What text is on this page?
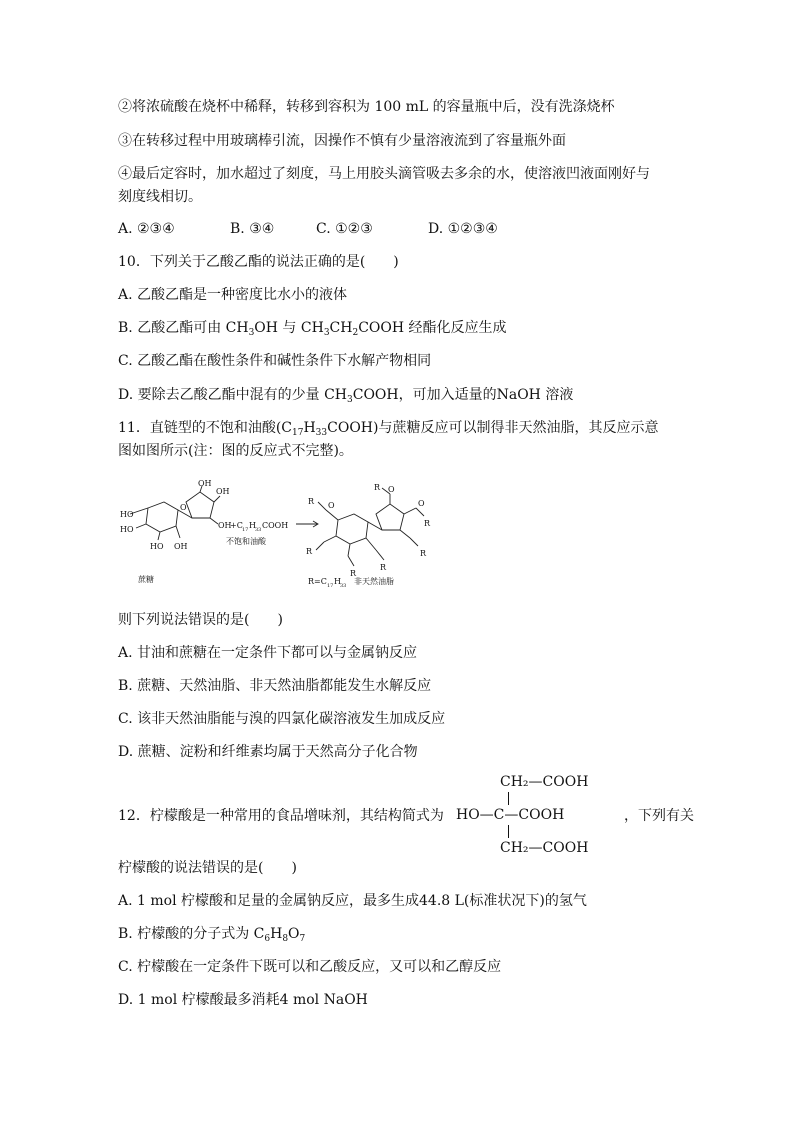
②将浓硫酸在烧杯中稀释，转移到容积为 100 mL 的容量瓶中后，没有洗涤烧杯
③在转移过程中用玻璃棒引流，因操作不慎有少量溶液流到了容量瓶外面
④最后定容时，加水超过了刻度，马上用胶头滴管吸去多余的水，使溶液凹液面刚好与
刻度线相切。
A. ②③④	B. ③④	C. ①②③	D. ①②③④
10．下列关于乙酸乙酯的说法正确的是(　　)
A. 乙酸乙酯是一种密度比水小的液体
B. 乙酸乙酯可由 $CH_3OH$ 与 $CH_3CH_2COOH$ 经酯化反应生成
C. 乙酸乙酯在酸性条件和碱性条件下水解产物相同
D. 要除去乙酸乙酯中混有的少量 $CH_3COOH$，可加入适量的NaOH 溶液
11．直链型的不饱和油酸$(C_{17}H_{33}COOH)$与蔗糖反应可以制得非天然油脂，其反应示意
图如图所示(注：图的反应式不完整)。
HO
HO
HO OH
OH
OH
O
OH
+C 17 H 33 COOH
不饱和油酸
R
R
R
R
R
R
R
O
O
O
蔗糖	R=C 17 H 33 非天然油脂
则下列说法错误的是(　　)
A. 甘油和蔗糖在一定条件下都可以与金属钠反应
B. 蔗糖、天然油脂、非天然油脂都能发生水解反应
C. 该非天然油脂能与溴的四氯化碳溶液发生加成反应
D. 蔗糖、淀粉和纤维素均属于天然高分子化合物
12．柠檬酸是一种常用的食品增味剂，其结构简式为
CH₂—COOH
HO—C—COOH
CH₂—COOH
，下列有关
柠檬酸的说法错误的是(　　)
A. 1 mol 柠檬酸和足量的金属钠反应，最多生成44.8 L(标准状况下)的氢气
B. 柠檬酸的分子式为 $C_6H_8O_7$
C. 柠檬酸在一定条件下既可以和乙酸反应，又可以和乙醇反应
D. 1 mol 柠檬酸最多消耗4 mol NaOH
